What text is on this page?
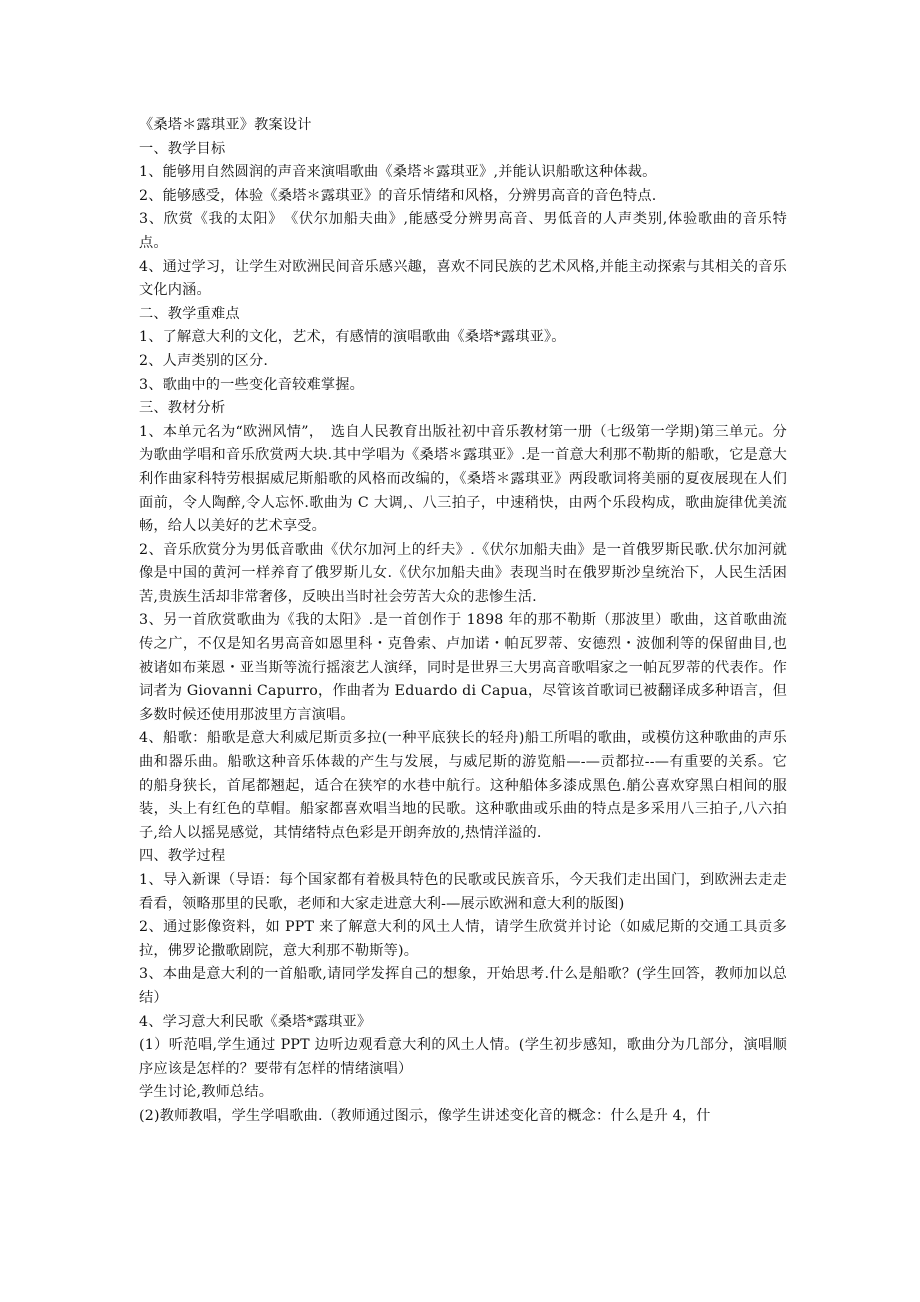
《桑塔＊露琪亚》教案设计
一、教学目标
1、能够用自然圆润的声音来演唱歌曲《桑塔＊露琪亚》,并能认识船歌这种体裁。
2、能够感受，体验《桑塔＊露琪亚》的音乐情绪和风格，分辨男高音的音色特点.
3、欣赏《我的太阳》　《伏尔加船夫曲》,能感受分辨男高音、男低音的人声类别,体验歌曲的音乐特点。
4、通过学习，让学生对欧洲民间音乐感兴趣，喜欢不同民族的艺术风格,并能主动探索与其相关的音乐文化内涵。
二、教学重难点
1、了解意大利的文化，艺术，有感情的演唱歌曲《桑塔*露琪亚》。
2、人声类别的区分.
3、歌曲中的一些变化音较难掌握。
三、教材分析
1、本单元名为“欧洲风情”，　选自人民教育出版社初中音乐教材第一册（七级第一学期)第三单元。分为歌曲学唱和音乐欣赏两大块.其中学唱为《桑塔＊露琪亚》.是一首意大利那不勒斯的船歌，它是意大利作曲家科特劳根据威尼斯船歌的风格而改编的，《桑塔＊露琪亚》两段歌词将美丽的夏夜展现在人们面前，令人陶醉,令人忘怀.歌曲为 C 大调,、八三拍子，中速稍快，由两个乐段构成，歌曲旋律优美流畅，给人以美好的艺术享受。
2、音乐欣赏分为男低音歌曲《伏尔加河上的纤夫》.《伏尔加船夫曲》是一首俄罗斯民歌.伏尔加河就像是中国的黄河一样养育了俄罗斯儿女.《伏尔加船夫曲》表现当时在俄罗斯沙皇统治下，人民生活困苦,贵族生活却非常奢侈，反映出当时社会劳苦大众的悲惨生活.
3、另一首欣赏歌曲为《我的太阳》.是一首创作于 1898 年的那不勒斯（那波里）歌曲，这首歌曲流传之广，不仅是知名男高音如恩里科・克鲁索、卢加诺・帕瓦罗蒂、安德烈・波伽利等的保留曲目,也被诸如布莱恩・亚当斯等流行摇滚艺人演绎，同时是世界三大男高音歌唱家之一帕瓦罗蒂的代表作。作词者为 Giovanni Capurro，作曲者为 Eduardo di Capua，尽管该首歌词已被翻译成多种语言，但多数时候还使用那波里方言演唱。
4、船歌：船歌是意大利威尼斯贡多拉(一种平底狭长的轻舟)船工所唱的歌曲，或模仿这种歌曲的声乐曲和器乐曲。船歌这种音乐体裁的产生与发展，与威尼斯的游览船—-—贡都拉--—有重要的关系。它的船身狭长，首尾都翘起，适合在狭窄的水巷中航行。这种船体多漆成黑色.艄公喜欢穿黑白相间的服装，头上有红色的草帽。船家都喜欢唱当地的民歌。这种歌曲或乐曲的特点是多采用八三拍子,八六拍子,给人以摇晃感觉，其情绪特点色彩是开朗奔放的,热情洋溢的.
四、教学过程
1、导入新课（导语：每个国家都有着极具特色的民歌或民族音乐，今天我们走出国门，到欧洲去走走看看，领略那里的民歌，老师和大家走进意大利-—展示欧洲和意大利的版图)
2、通过影像资料，如 PPT 来了解意大利的风土人情，请学生欣赏并讨论（如威尼斯的交通工具贡多拉，佛罗论撒歌剧院，意大利那不勒斯等)。
3、本曲是意大利的一首船歌,请同学发挥自己的想象，开始思考.什么是船歌？(学生回答，教师加以总结）
4、学习意大利民歌《桑塔*露琪亚》
(1）听范唱,学生通过 PPT 边听边观看意大利的风土人情。(学生初步感知，歌曲分为几部分，演唱顺序应该是怎样的？要带有怎样的情绪演唱）
学生讨论,教师总结。
(2)教师教唱，学生学唱歌曲.（教师通过图示，像学生讲述变化音的概念：什么是升 4，什
